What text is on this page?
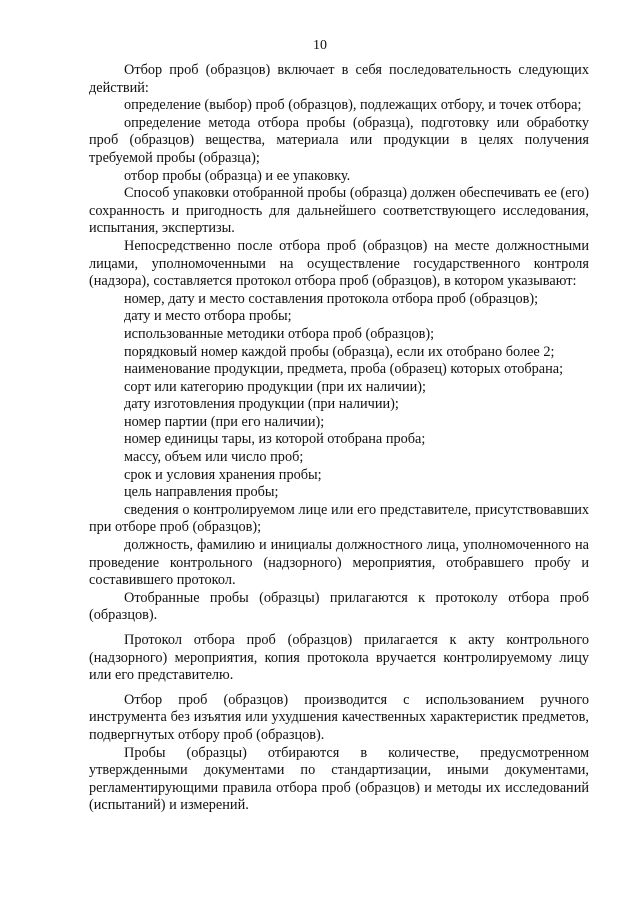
10

Отбор проб (образцов) включает в себя последовательность следующих действий:

определение (выбор) проб (образцов), подлежащих отбору, и точек отбора;

определение метода отбора пробы (образца), подготовку или обработку проб (образцов) вещества, материала или продукции в целях получения требуемой пробы (образца);

отбор пробы (образца) и ее упаковку.

Способ упаковки отобранной пробы (образца) должен обеспечивать ее (его) сохранность и пригодность для дальнейшего соответствующего исследования, испытания, экспертизы.

Непосредственно после отбора проб (образцов) на месте должностными лицами, уполномоченными на осуществление государственного контроля (надзора), составляется протокол отбора проб (образцов), в котором указывают:

номер, дату и место составления протокола отбора проб (образцов);

дату и место отбора пробы;

использованные методики отбора проб (образцов);

порядковый номер каждой пробы (образца), если их отобрано более 2;

наименование продукции, предмета, проба (образец) которых отобрана;

сорт или категорию продукции (при их наличии);

дату изготовления продукции (при наличии);

номер партии (при его наличии);

номер единицы тары, из которой отобрана проба;

массу, объем или число проб;

срок и условия хранения пробы;

цель направления пробы;

сведения о контролируемом лице или его представителе, присутствовавших при отборе проб (образцов);

должность, фамилию и инициалы должностного лица, уполномоченного на проведение контрольного (надзорного) мероприятия, отобравшего пробу и составившего протокол.

Отобранные пробы (образцы) прилагаются к протоколу отбора проб (образцов).

Протокол отбора проб (образцов) прилагается к акту контрольного (надзорного) мероприятия, копия протокола вручается контролируемому лицу или его представителю.

Отбор проб (образцов) производится с использованием ручного инструмента без изъятия или ухудшения качественных характеристик предметов, подвергнутых отбору проб (образцов).

Пробы (образцы) отбираются в количестве, предусмотренном утвержденными документами по стандартизации, иными документами, регламентирующими правила отбора проб (образцов) и методы их исследований (испытаний) и измерений.
